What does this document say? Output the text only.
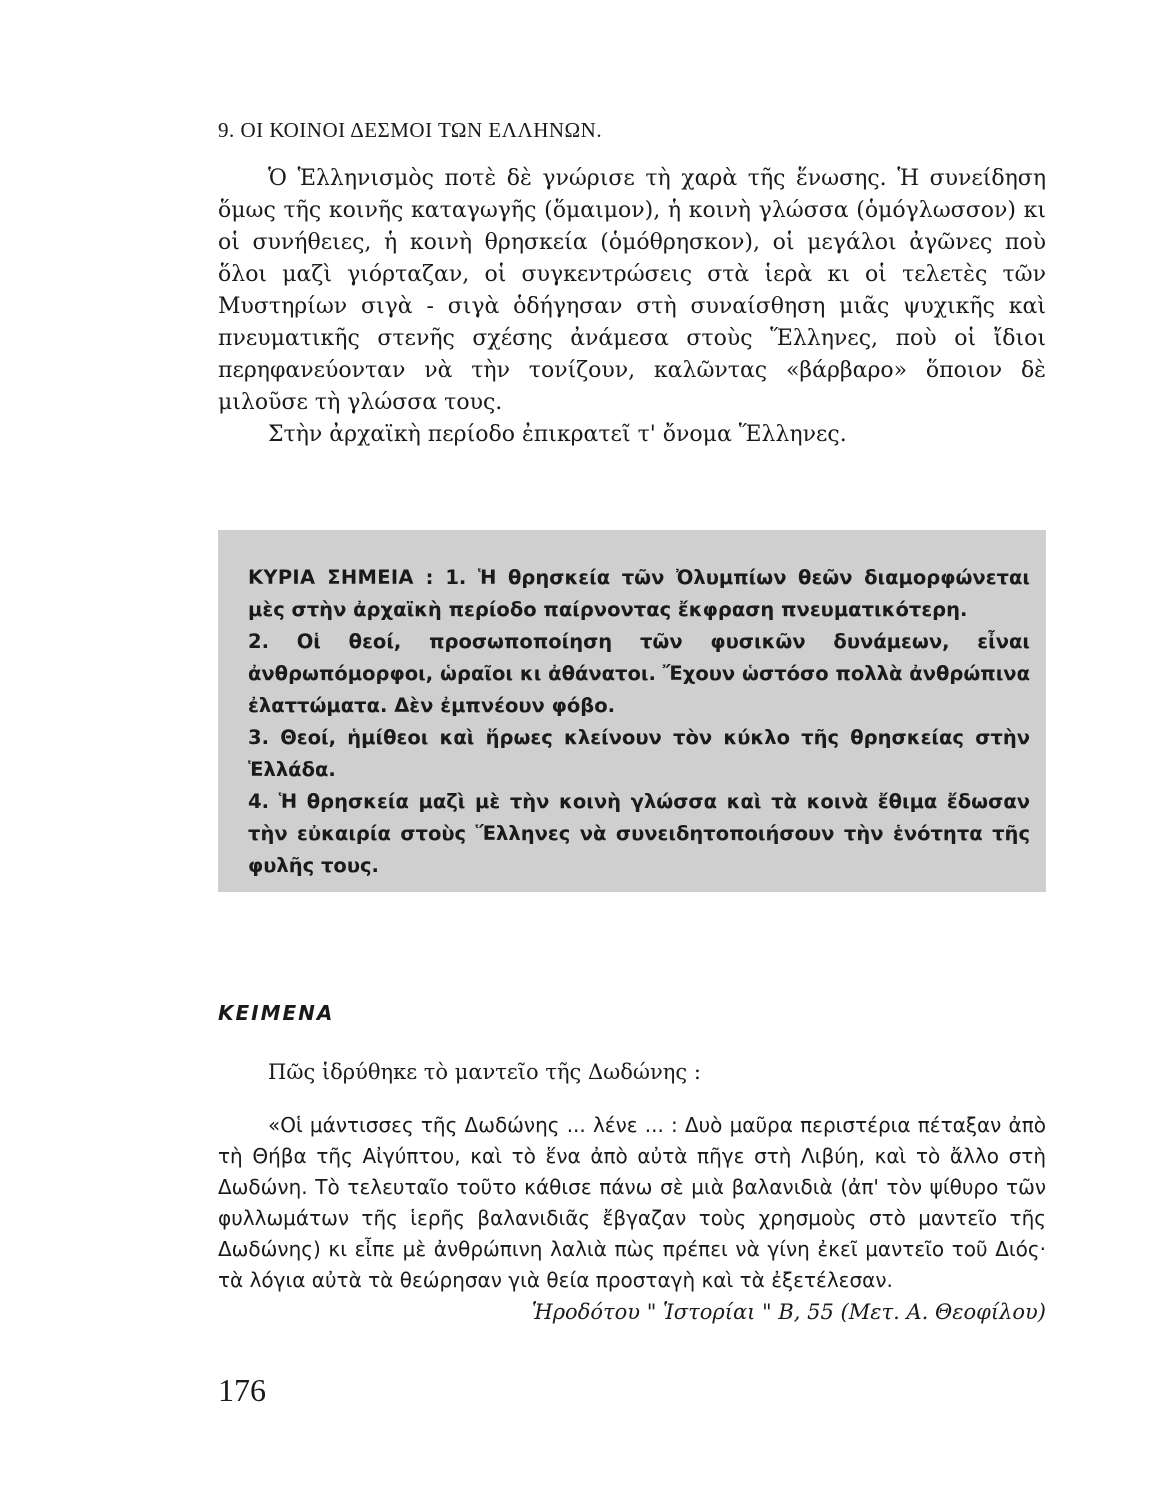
9. ΟΙ ΚΟΙΝΟΙ ΔΕΣΜΟΙ ΤΩΝ ΕΛΛΗΝΩΝ.

Ὁ Ἑλληνισμὸς ποτὲ δὲ γνώρισε τὴ χαρὰ τῆς ἕνωσης. Ἡ συνείδηση ὅμως τῆς κοινῆς καταγωγῆς (ὅμαιμον), ἡ κοινὴ γλώσσα (ὁμόγλωσσον) κι οἱ συνήθειες, ἡ κοινὴ θρησκεία (ὁμόθρησκον), οἱ μεγάλοι ἀγῶνες ποὺ ὅλοι μαζὶ γιόρταζαν, οἱ συγκεντρώσεις στὰ ἱερὰ κι οἱ τελετὲς τῶν Μυστηρίων σιγὰ - σιγὰ ὁδήγησαν στὴ συναίσθηση μιᾶς ψυχικῆς καὶ πνευματικῆς στενῆς σχέσης ἀνάμεσα στοὺς Ἕλληνες, ποὺ οἱ ἴδιοι περηφανεύονταν νὰ τὴν τονίζουν, καλῶντας «βάρβαρο» ὅποιον δὲ μιλοῦσε τὴ γλώσσα τους.

Στὴν ἀρχαϊκὴ περίοδο ἐπικρατεῖ τ' ὄνομα Ἕλληνες.

ΚΥΡΙΑ ΣΗΜΕΙΑ : 1. Ἡ θρησκεία τῶν Ὀλυμπίων θεῶν διαμορφώνεται μὲς στὴν ἀρχαϊκὴ περίοδο παίρνοντας ἔκφραση πνευματικότερη.

2. Οἱ θεοί, προσωποποίηση τῶν φυσικῶν δυνάμεων, εἶναι ἀνθρωπόμορφοι, ὡραῖοι κι ἀθάνατοι. Ἔχουν ὡστόσο πολλὰ ἀνθρώπινα ἐλαττώματα. Δὲν ἐμπνέουν φόβο.

3. Θεοί, ἡμίθεοι καὶ ἥρωες κλείνουν τὸν κύκλο τῆς θρησκείας στὴν Ἑλλάδα.

4. Ἡ θρησκεία μαζὶ μὲ τὴν κοινὴ γλώσσα καὶ τὰ κοινὰ ἔθιμα ἔδωσαν τὴν εὐκαιρία στοὺς Ἕλληνες νὰ συνειδητοποιήσουν τὴν ἑνότητα τῆς φυλῆς τους.

ΚΕΙΜΕΝΑ

Πῶς ἱδρύθηκε τὸ μαντεῖο τῆς Δωδώνης :

«Οἱ μάντισσες τῆς Δωδώνης ... λένε ... : Δυὸ μαῦρα περιστέρια πέταξαν ἀπὸ τὴ Θήβα τῆς Αἰγύπτου, καὶ τὸ ἕνα ἀπὸ αὐτὰ πῆγε στὴ Λιβύη, καὶ τὸ ἄλλο στὴ Δωδώνη. Τὸ τελευταῖο τοῦτο κάθισε πάνω σὲ μιὰ βαλανιδιὰ (ἀπ' τὸν ψίθυρο τῶν φυλλωμάτων τῆς ἱερῆς βαλανιδιᾶς ἔβγαζαν τοὺς χρησμοὺς στὸ μαντεῖο τῆς Δωδώνης) κι εἶπε μὲ ἀνθρώπινη λαλιὰ πὼς πρέπει νὰ γίνη ἐκεῖ μαντεῖο τοῦ Διός· τὰ λόγια αὐτὰ τὰ θεώρησαν γιὰ θεία προσταγὴ καὶ τὰ ἐξετέλεσαν.

Ἡροδότου " Ἱστορίαι " Β, 55 (Μετ. Α. Θεοφίλου)

176
